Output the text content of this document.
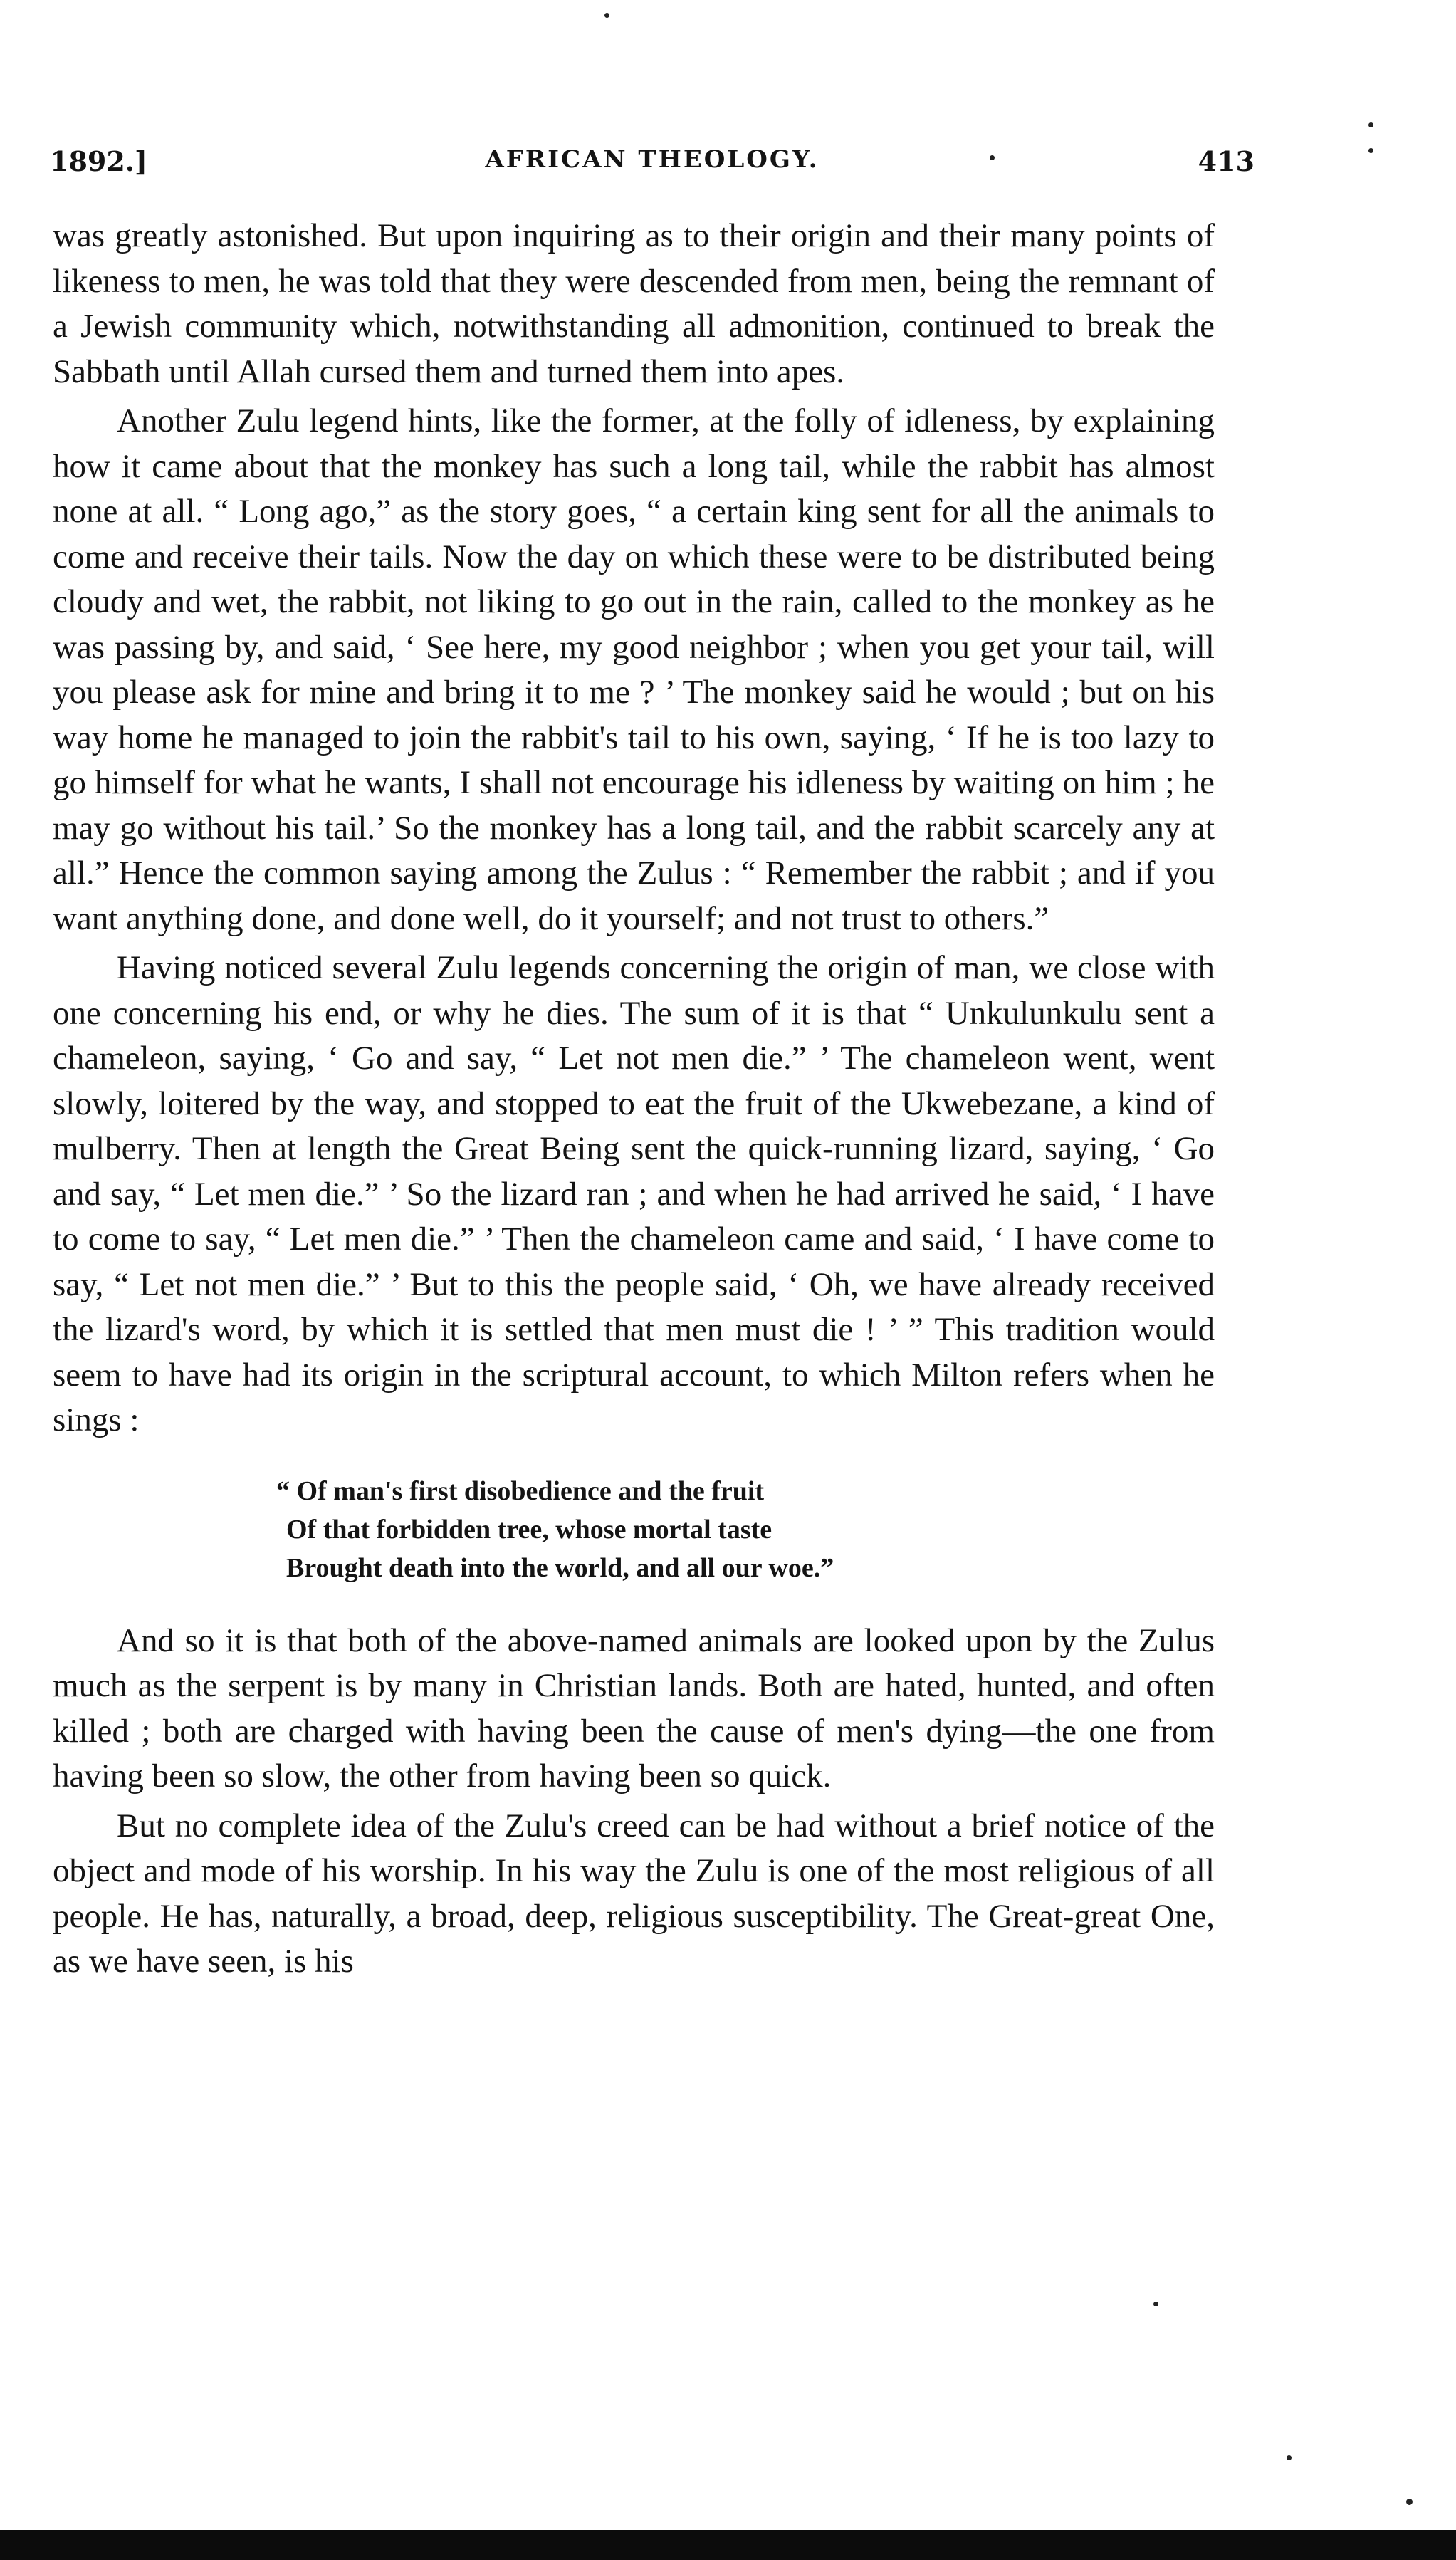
1892.]	AFRICAN THEOLOGY.	413

was greatly astonished. But upon inquiring as to their origin and their many points of likeness to men, he was told that they were descended from men, being the remnant of a Jewish community which, notwithstanding all admonition, continued to break the Sabbath until Allah cursed them and turned them into apes.

Another Zulu legend hints, like the former, at the folly of idleness, by explaining how it came about that the monkey has such a long tail, while the rabbit has almost none at all. “ Long ago,” as the story goes, “ a certain king sent for all the animals to come and receive their tails. Now the day on which these were to be distributed being cloudy and wet, the rabbit, not liking to go out in the rain, called to the monkey as he was passing by, and said, ‘ See here, my good neighbor ; when you get your tail, will you please ask for mine and bring it to me ? ’ The monkey said he would ; but on his way home he managed to join the rabbit's tail to his own, saying, ‘ If he is too lazy to go himself for what he wants, I shall not encourage his idleness by waiting on him ; he may go without his tail.’ So the monkey has a long tail, and the rabbit scarcely any at all.” Hence the common saying among the Zulus : “ Remember the rabbit ; and if you want anything done, and done well, do it yourself; and not trust to others.”

Having noticed several Zulu legends concerning the origin of man, we close with one concerning his end, or why he dies. The sum of it is that “ Unkulunkulu sent a chameleon, saying, ‘ Go and say, “ Let not men die.” ’ The chameleon went, went slowly, loitered by the way, and stopped to eat the fruit of the Ukwebezane, a kind of mulberry. Then at length the Great Being sent the quick-running lizard, saying, ‘ Go and say, “ Let men die.” ’ So the lizard ran ; and when he had arrived he said, ‘ I have to come to say, “ Let men die.” ’ Then the chameleon came and said, ‘ I have come to say, “ Let not men die.” ’ But to this the people said, ‘ Oh, we have already received the lizard's word, by which it is settled that men must die ! ’ ” This tradition would seem to have had its origin in the scriptural account, to which Milton refers when he sings :

“ Of man's first disobedience and the fruit
Of that forbidden tree, whose mortal taste
Brought death into the world, and all our woe.”

And so it is that both of the above-named animals are looked upon by the Zulus much as the serpent is by many in Christian lands. Both are hated, hunted, and often killed ; both are charged with having been the cause of men's dying—the one from having been so slow, the other from having been so quick.

But no complete idea of the Zulu's creed can be had without a brief notice of the object and mode of his worship. In his way the Zulu is one of the most religious of all people. He has, naturally, a broad, deep, religious susceptibility. The Great-great One, as we have seen, is his
